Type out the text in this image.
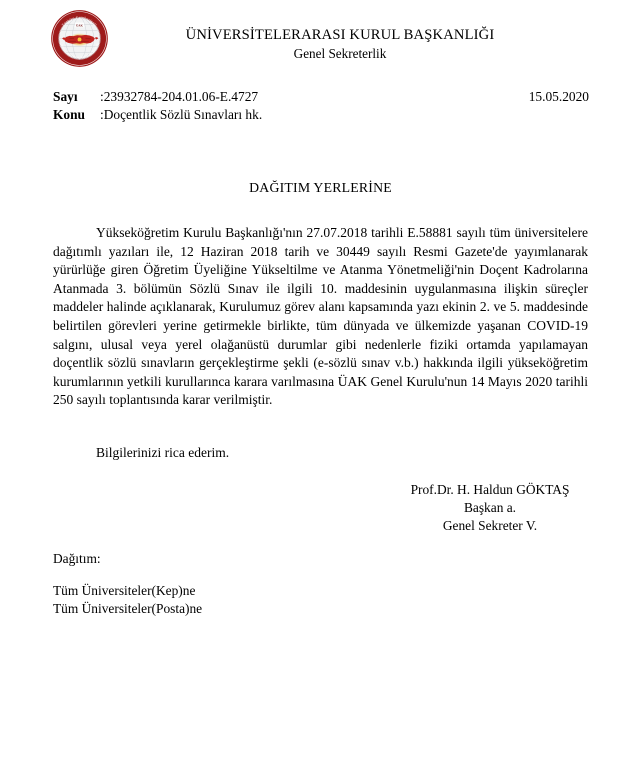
ÜAK
Türkiye Cumhuriyeti
Üniversitelerarası Kurul Başkanlığı
ÜNİVERSİTELERARASI KURUL BAŞKANLIĞI
Genel Sekreterlik
Sayı	: 23932784-204.01.06-E.4727
Konu	: Doçentlik Sözlü Sınavları hk.
15.05.2020
DAĞITIM YERLERİNE

Yükseköğretim Kurulu Başkanlığı'nın 27.07.2018 tarihli E.58881 sayılı tüm üniversitelere dağıtımlı yazıları ile, 12 Haziran 2018 tarih ve 30449 sayılı Resmi Gazete'de yayımlanarak yürürlüğe giren Öğretim Üyeliğine Yükseltilme ve Atanma Yönetmeliği'nin Doçent Kadrolarına Atanmada 3. bölümün Sözlü Sınav ile ilgili 10. maddesinin uygulanmasına ilişkin süreçler maddeler halinde açıklanarak, Kurulumuz görev alanı kapsamında yazı ekinin 2. ve 5. maddesinde belirtilen görevleri yerine getirmekle birlikte, tüm dünyada ve ülkemizde yaşanan COVID-19 salgını, ulusal veya yerel olağanüstü durumlar gibi nedenlerle fiziki ortamda yapılamayan doçentlik sözlü sınavların gerçekleştirme şekli (e-sözlü sınav v.b.) hakkında ilgili yükseköğretim kurumlarının yetkili kurullarınca karara varılmasına ÜAK Genel Kurulu'nun 14 Mayıs 2020 tarihli 250 sayılı toplantısında karar verilmiştir.

Bilgilerinizi rica ederim.
Prof.Dr. H. Haldun GÖKTAŞ
Başkan a.
Genel Sekreter V.
Dağıtım:
Tüm Üniversiteler(Kep)ne
Tüm Üniversiteler(Posta)ne
